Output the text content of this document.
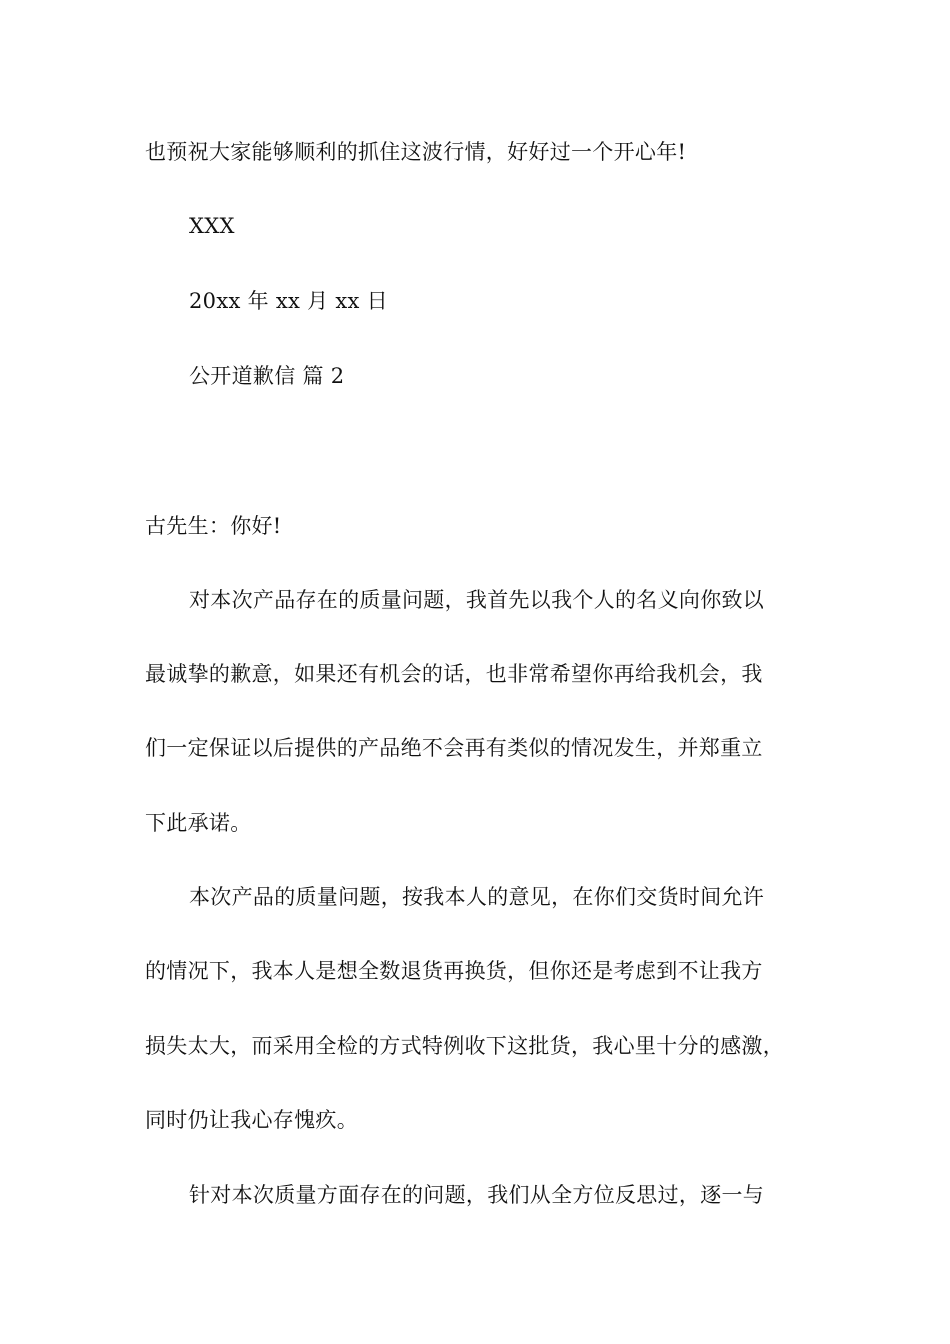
也预祝大家能够顺利的抓住这波行情，好好过一个开心年!
XXX
20xx 年 xx 月 xx 日
公开道歉信 篇 2
古先生：你好!
对本次产品存在的质量问题，我首先以我个人的名义向你致以
最诚挚的歉意，如果还有机会的话，也非常希望你再给我机会，我
们一定保证以后提供的产品绝不会再有类似的情况发生，并郑重立
下此承诺。
本次产品的质量问题，按我本人的意见，在你们交货时间允许
的情况下，我本人是想全数退货再换货，但你还是考虑到不让我方
损失太大，而采用全检的方式特例收下这批货，我心里十分的感激，
同时仍让我心存愧疚。
针对本次质量方面存在的问题，我们从全方位反思过，逐一与
